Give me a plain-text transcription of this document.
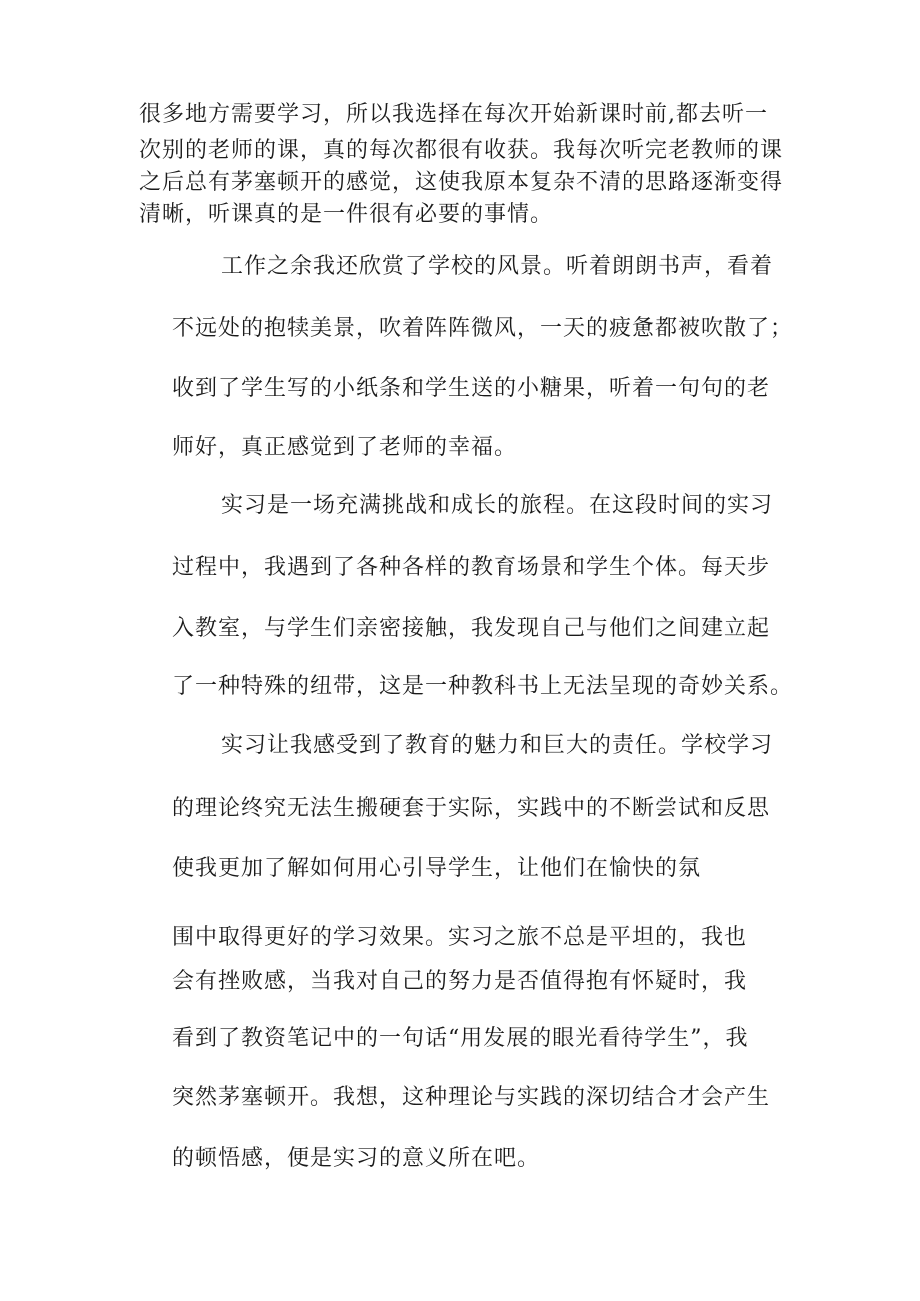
很多地方需要学习，所以我选择在每次开始新课时前,都去听一
次别的老师的课，真的每次都很有收获。我每次听完老教师的课
之后总有茅塞顿开的感觉，这使我原本复杂不清的思路逐渐变得
清晰，听课真的是一件很有必要的事情。
工作之余我还欣赏了学校的风景。听着朗朗书声，看着
不远处的抱犊美景，吹着阵阵微风，一天的疲惫都被吹散了；
收到了学生写的小纸条和学生送的小糖果，听着一句句的老
师好，真正感觉到了老师的幸福。
实习是一场充满挑战和成长的旅程。在这段时间的实习
过程中，我遇到了各种各样的教育场景和学生个体。每天步
入教室，与学生们亲密接触，我发现自己与他们之间建立起
了一种特殊的纽带，这是一种教科书上无法呈现的奇妙关系。
实习让我感受到了教育的魅力和巨大的责任。学校学习
的理论终究无法生搬硬套于实际，实践中的不断尝试和反思
使我更加了解如何用心引导学生，让他们在愉快的氛
围中取得更好的学习效果。实习之旅不总是平坦的，我也
会有挫败感，当我对自己的努力是否值得抱有怀疑时，我
看到了教资笔记中的一句话“用发展的眼光看待学生”，我
突然茅塞顿开。我想，这种理论与实践的深切结合才会产生
的顿悟感，便是实习的意义所在吧。
